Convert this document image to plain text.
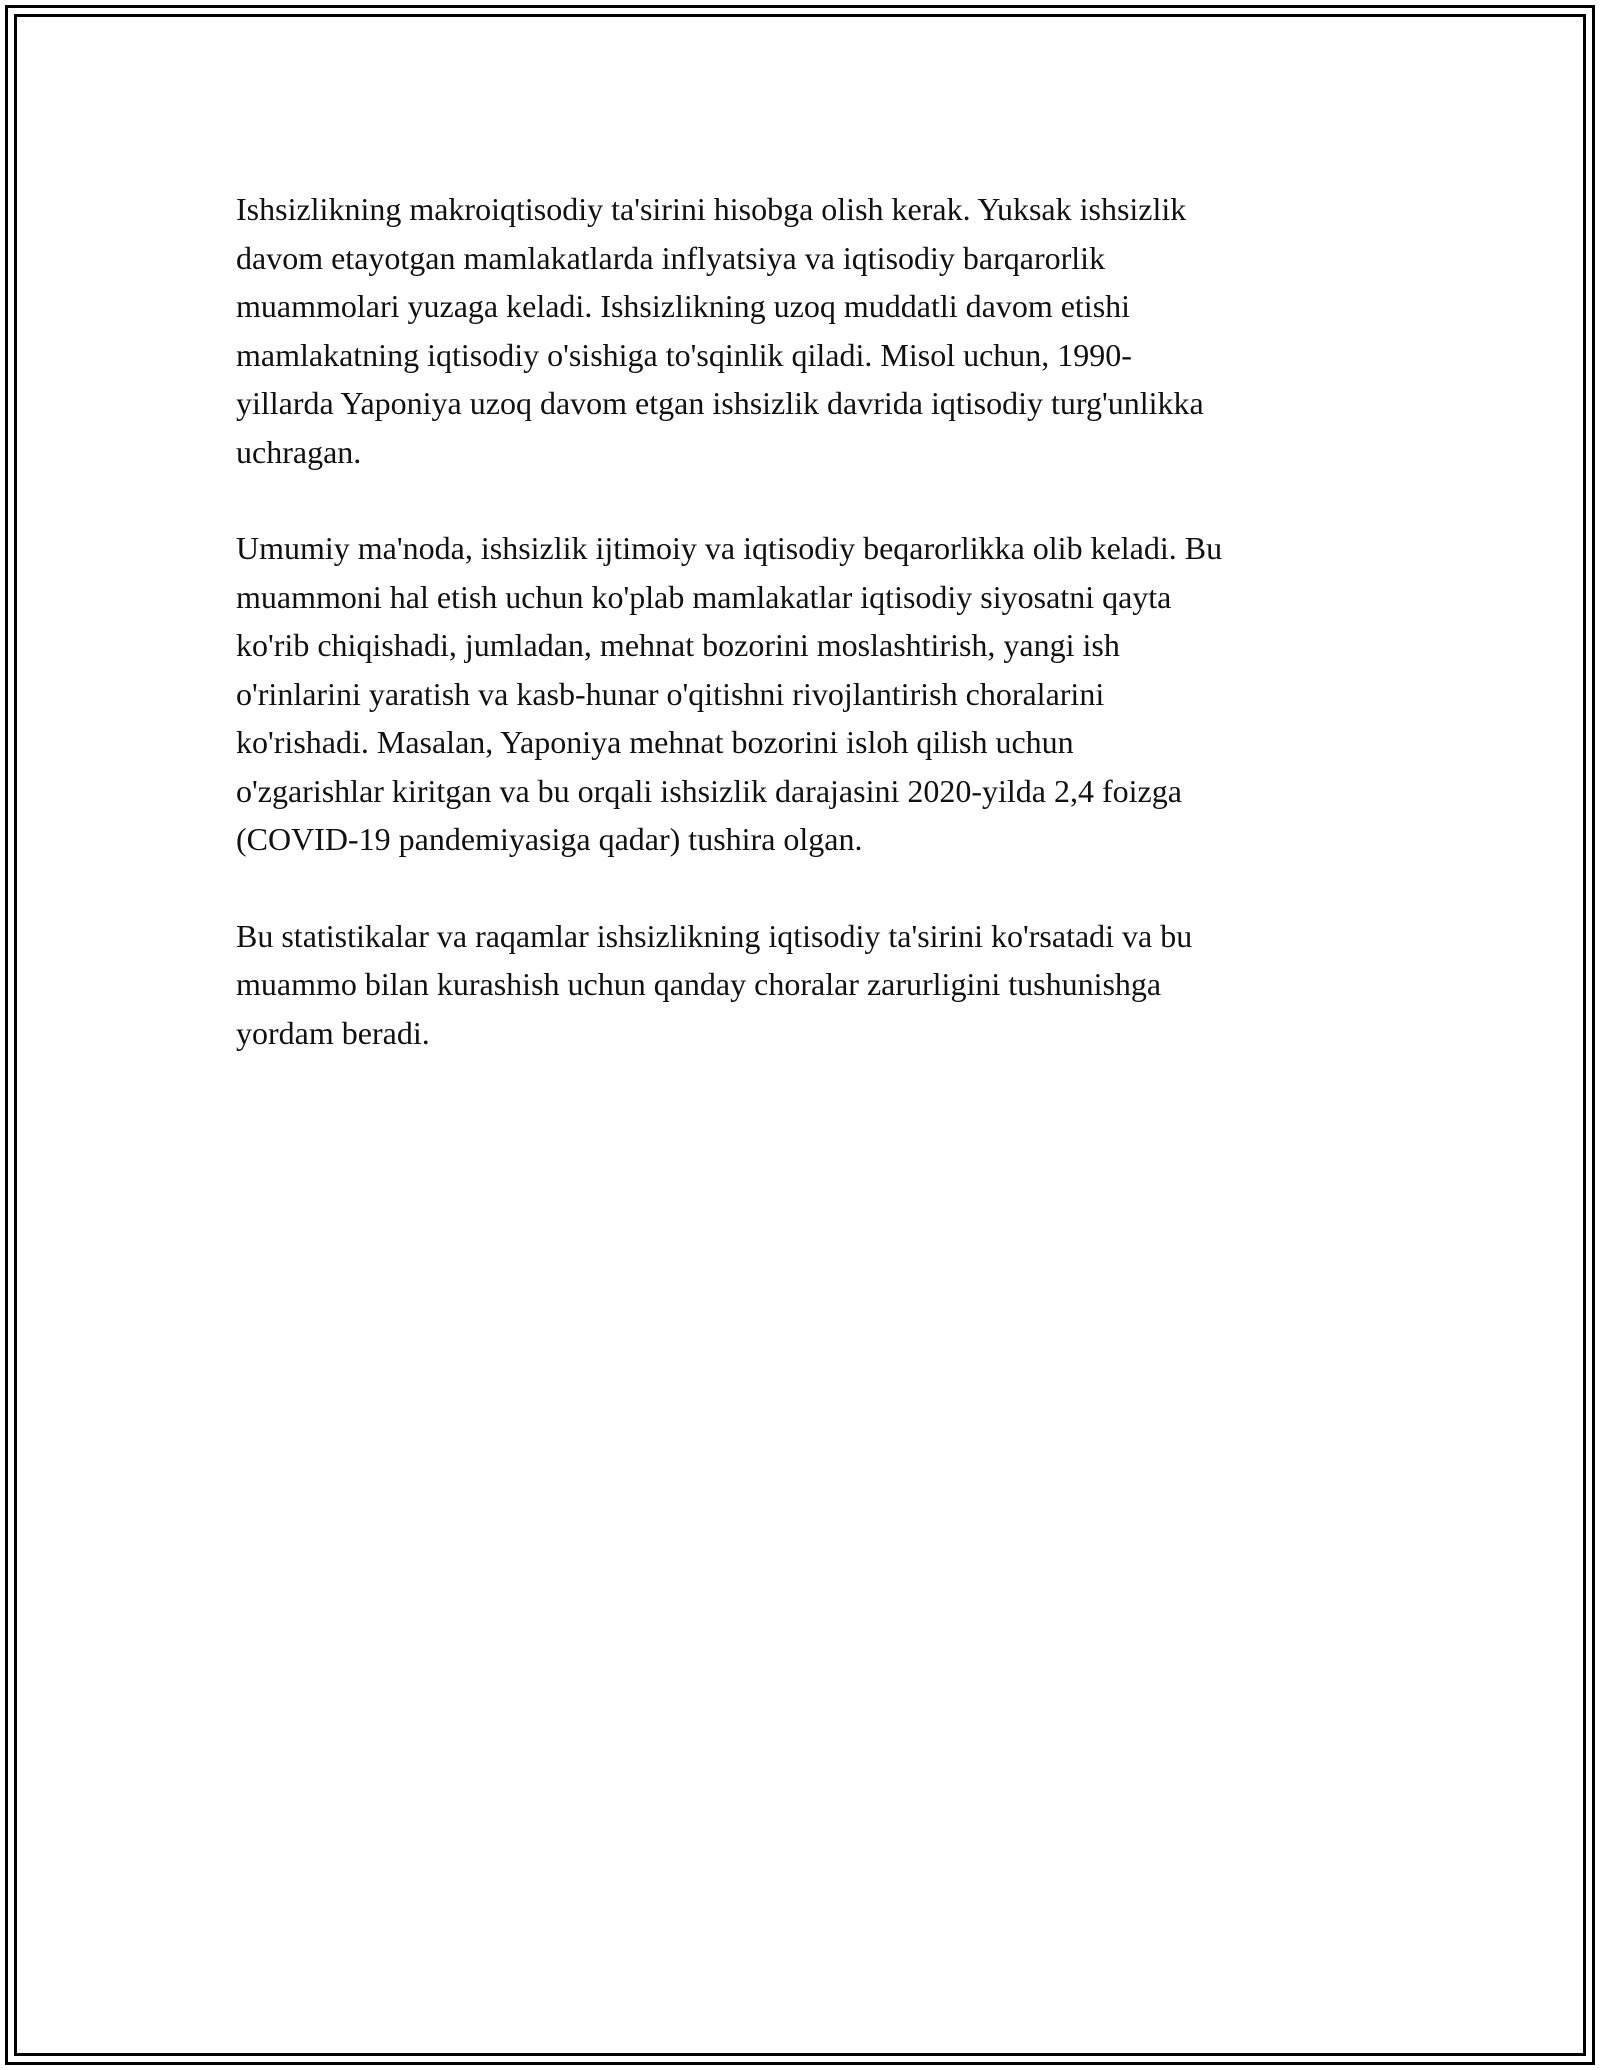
Ishsizlikning makroiqtisodiy ta'sirini hisobga olish kerak. Yuksak ishsizlik
davom etayotgan mamlakatlarda inflyatsiya va iqtisodiy barqarorlik
muammolari yuzaga keladi. Ishsizlikning uzoq muddatli davom etishi
mamlakatning iqtisodiy o'sishiga to'sqinlik qiladi. Misol uchun, 1990-
yillarda Yaponiya uzoq davom etgan ishsizlik davrida iqtisodiy turg'unlikka
uchragan.

Umumiy ma'noda, ishsizlik ijtimoiy va iqtisodiy beqarorlikka olib keladi. Bu
muammoni hal etish uchun ko'plab mamlakatlar iqtisodiy siyosatni qayta
ko'rib chiqishadi, jumladan, mehnat bozorini moslashtirish, yangi ish
o'rinlarini yaratish va kasb-hunar o'qitishni rivojlantirish choralarini
ko'rishadi. Masalan, Yaponiya mehnat bozorini isloh qilish uchun
o'zgarishlar kiritgan va bu orqali ishsizlik darajasini 2020-yilda 2,4 foizga
(COVID-19 pandemiyasiga qadar) tushira olgan.

Bu statistikalar va raqamlar ishsizlikning iqtisodiy ta'sirini ko'rsatadi va bu
muammo bilan kurashish uchun qanday choralar zarurligini tushunishga
yordam beradi.
